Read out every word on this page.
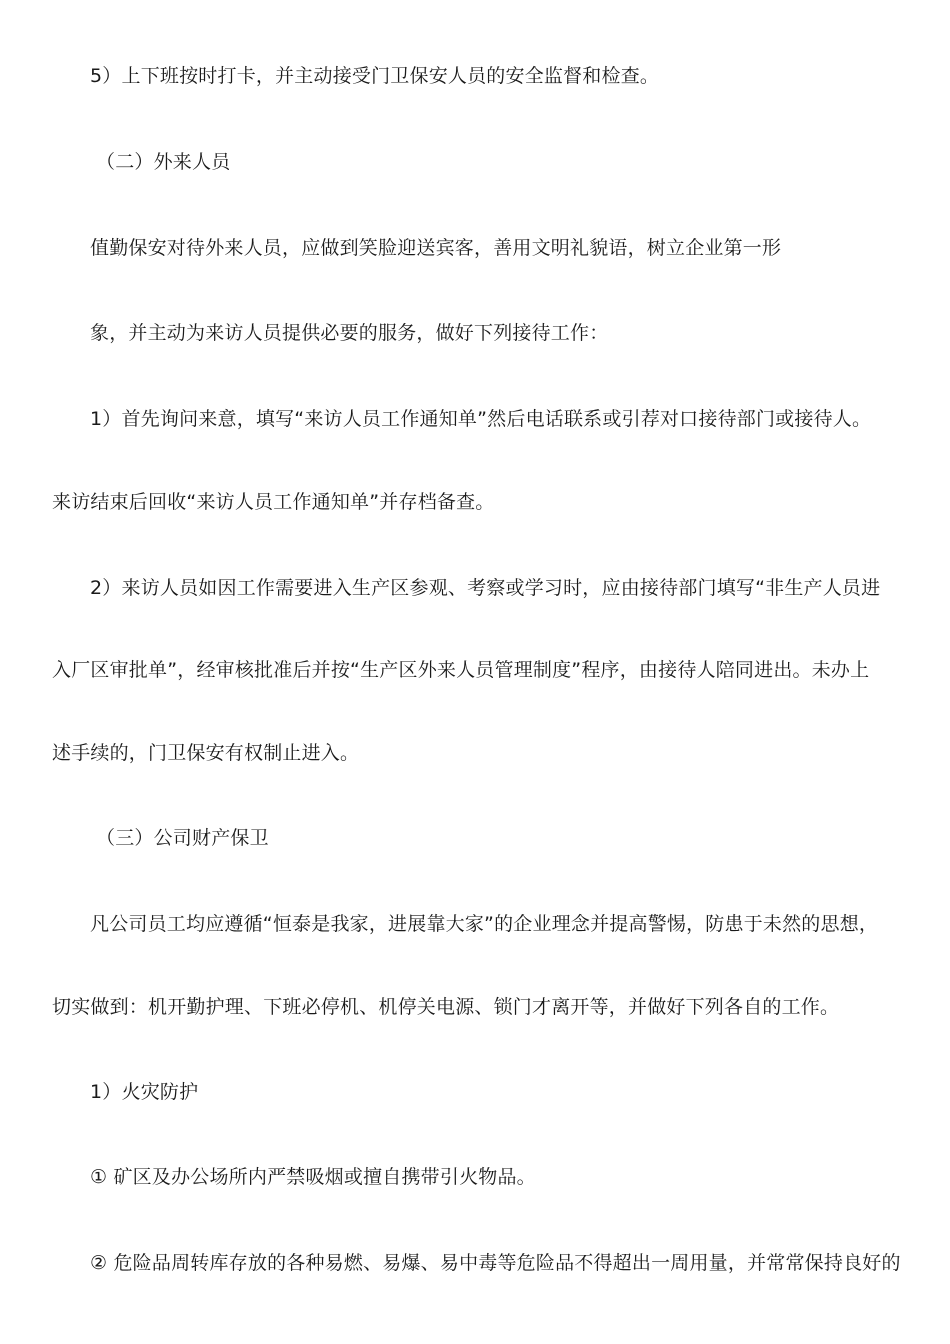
5）上下班按时打卡，并主动接受门卫保安人员的安全监督和检查。
（二）外来人员
值勤保安对待外来人员，应做到笑脸迎送宾客，善用文明礼貌语，树立企业第一形
象，并主动为来访人员提供必要的服务，做好下列接待工作：
1）首先询问来意，填写“来访人员工作通知单”然后电话联系或引荐对口接待部门或接待人。
来访结束后回收“来访人员工作通知单”并存档备查。
2）来访人员如因工作需要进入生产区参观、考察或学习时，应由接待部门填写“非生产人员进
入厂区审批单”，经审核批准后并按“生产区外来人员管理制度”程序，由接待人陪同进出。未办上
述手续的，门卫保安有权制止进入。
（三）公司财产保卫
凡公司员工均应遵循“恒泰是我家，进展靠大家”的企业理念并提高警惕，防患于未然的思想，
切实做到：机开勤护理、下班必停机、机停关电源、锁门才离开等，并做好下列各自的工作。
1）火灾防护
① 矿区及办公场所内严禁吸烟或擅自携带引火物品。
② 危险品周转库存放的各种易燃、易爆、易中毒等危险品不得超出一周用量，并常常保持良好的
